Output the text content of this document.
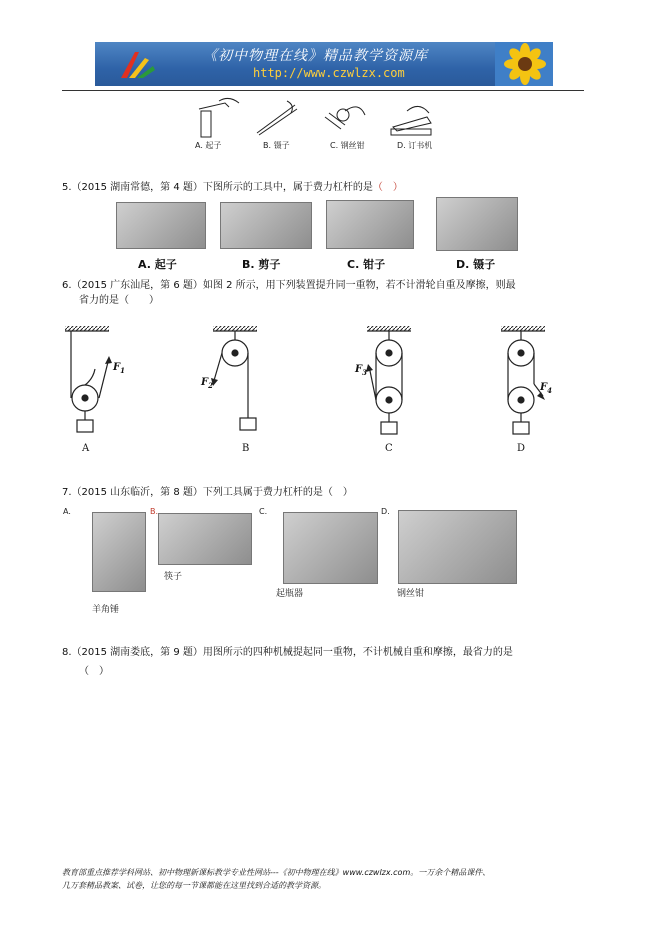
《初中物理在线》精品教学资源库
http://www.czwlzx.com
A. 起子	B. 镊子	C. 钢丝钳	D. 订书机
5.（2015 湖南常德，第 4 题）下图所示的工具中，属于费力杠杆的是（　）
A. 起子	B. 剪子	C. 钳子	D. 镊子
6.（2015 广东汕尾，第 6 题）如图 2 所示，用下列装置提升同一重物，若不计滑轮自重及摩擦，则最
省力的是（　　）
$F_1$
$F_2$
$F_3$
$F_4$
A	B	C	D
7.（2015 山东临沂，第 8 题）下列工具属于费力杠杆的是（　）
A.	B.	C.	D.
羊角锤
筷子
起瓶器	钢丝钳
8.（2015 湖南娄底，第 9 题）用图所示的四种机械提起同一重物，不计机械自重和摩擦，最省力的是
（　）
教育部重点推荐学科网站、初中物理新课标教学专业性网站---《初中物理在线》www.czwlzx.com。一万余个精品课件、
几万套精品教案、试卷，让您的每一节课都能在这里找到合适的教学资源。
